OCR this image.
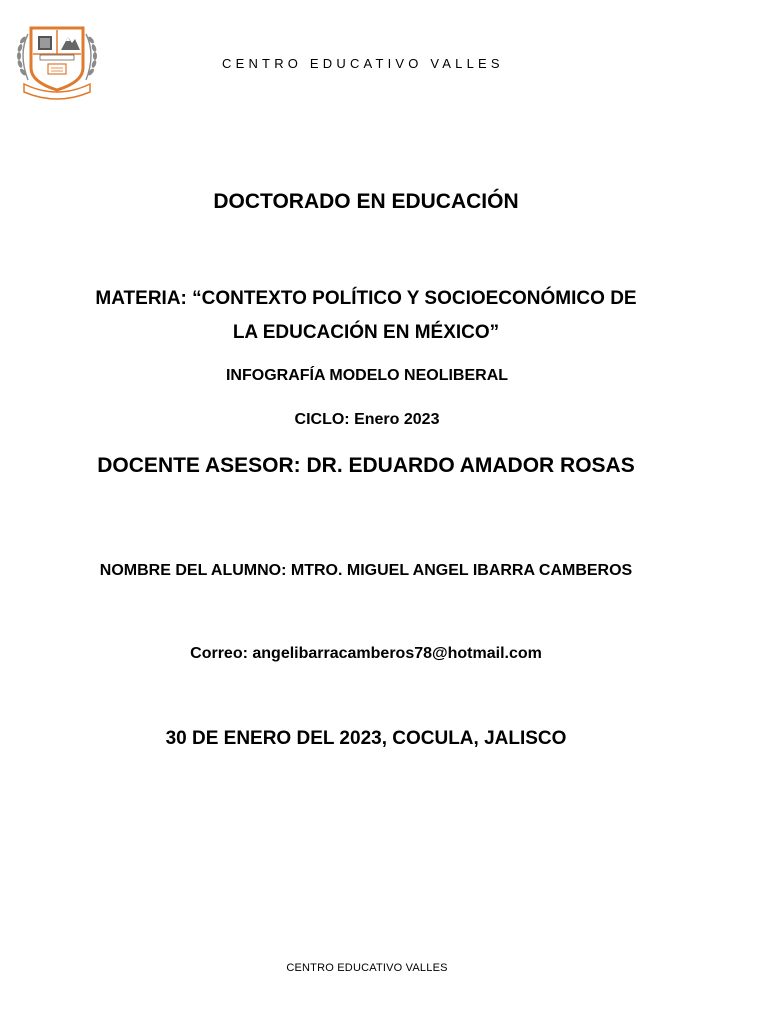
CENTRO EDUCATIVO VALLES
DOCTORADO EN EDUCACIÓN
MATERIA: “CONTEXTO POLÍTICO Y SOCIOECONÓMICO DE
LA EDUCACIÓN EN MÉXICO”
INFOGRAFÍA MODELO NEOLIBERAL
CICLO: Enero 2023
DOCENTE ASESOR: DR. EDUARDO AMADOR ROSAS
NOMBRE DEL ALUMNO: MTRO. MIGUEL ANGEL IBARRA CAMBEROS
Correo: angelibarracamberos78@hotmail.com
30 DE ENERO DEL 2023, COCULA, JALISCO
CENTRO EDUCATIVO VALLES
